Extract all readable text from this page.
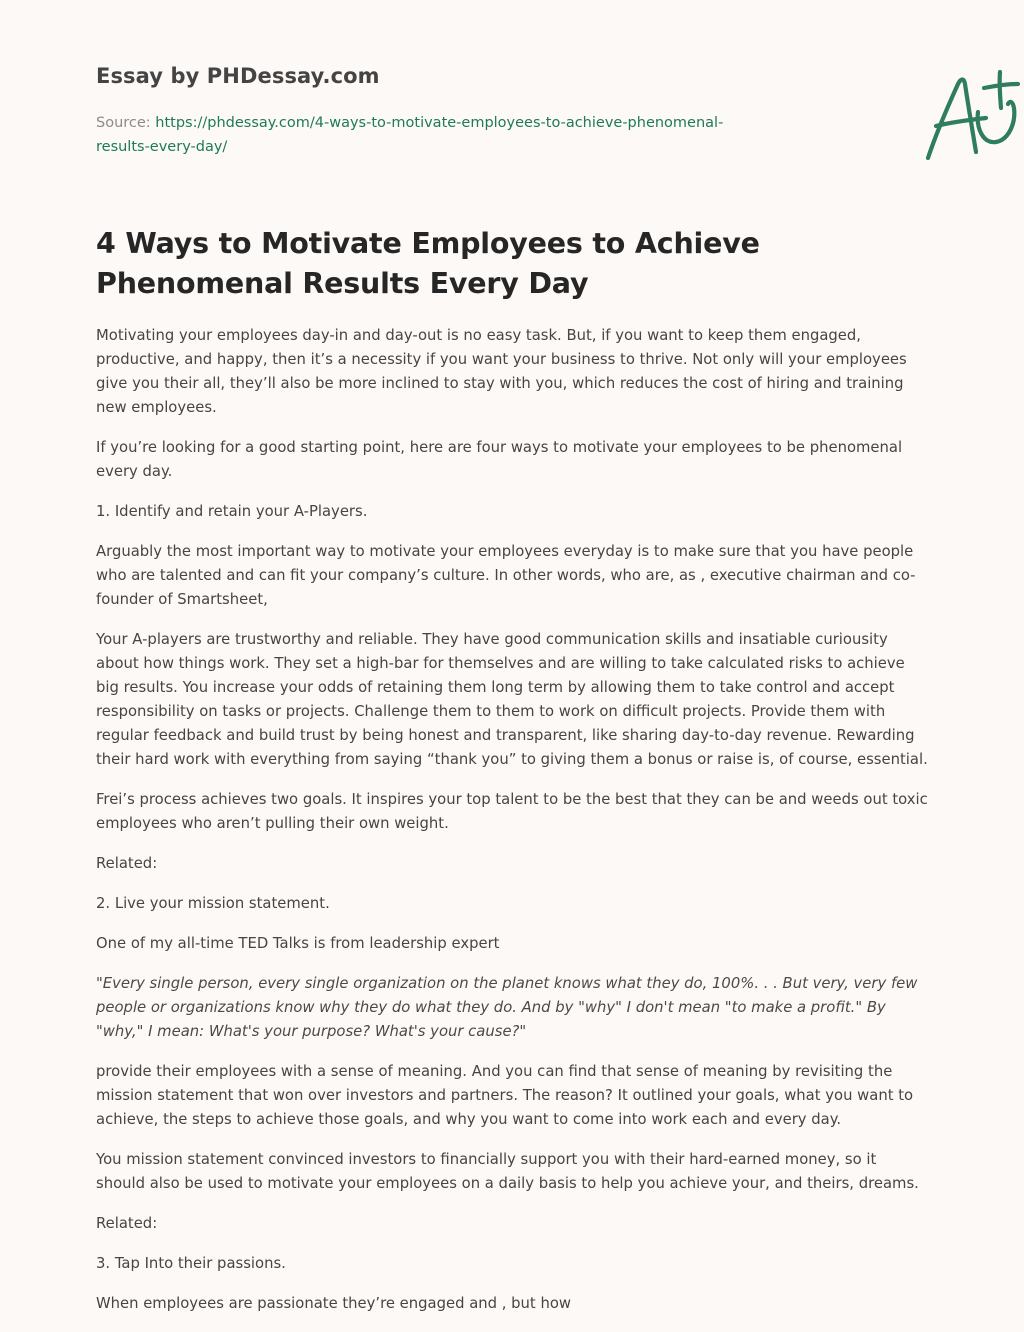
Essay by PHDessay.com
Source: https://phdessay.com/4-ways-to-motivate-employees-to-achieve-phenomenal-results-every-day/
4 Ways to Motivate Employees to Achieve Phenomenal Results Every Day

Motivating your employees day-in and day-out is no easy task. But, if you want to keep them engaged, productive, and happy, then it’s a necessity if you want your business to thrive. Not only will your employees give you their all, they’ll also be more inclined to stay with you, which reduces the cost of hiring and training new employees.

If you’re looking for a good starting point, here are four ways to motivate your employees to be phenomenal every day.

1. Identify and retain your A-Players.

Arguably the most important way to motivate your employees everyday is to make sure that you have people who are talented and can fit your company’s culture. In other words, who are, as , executive chairman and co-founder of Smartsheet,

Your A-players are trustworthy and reliable. They have good communication skills and insatiable curiousity about how things work. They set a high-bar for themselves and are willing to take calculated risks to achieve big results. You increase your odds of retaining them long term by allowing them to take control and accept responsibility on tasks or projects. Challenge them to them to work on difficult projects. Provide them with regular feedback and build trust by being honest and transparent, like sharing day-to-day revenue. Rewarding their hard work with everything from saying “thank you” to giving them a bonus or raise is, of course, essential.

Frei’s process achieves two goals. It inspires your top talent to be the best that they can be and weeds out toxic employees who aren’t pulling their own weight.

Related:

2. Live your mission statement.

One of my all-time TED Talks is from leadership expert

"Every single person, every single organization on the planet knows what they do, 100%. . . But very, very few people or organizations know why they do what they do. And by "why" I don't mean "to make a profit." By "why," I mean: What's your purpose? What's your cause?"

provide their employees with a sense of meaning. And you can find that sense of meaning by revisiting the mission statement that won over investors and partners. The reason? It outlined your goals, what you want to achieve, the steps to achieve those goals, and why you want to come into work each and every day.

You mission statement convinced investors to financially support you with their hard-earned money, so it should also be used to motivate your employees on a daily basis to help you achieve your, and theirs, dreams.

Related:

3. Tap Into their passions.

When employees are passionate they’re engaged and , but how
